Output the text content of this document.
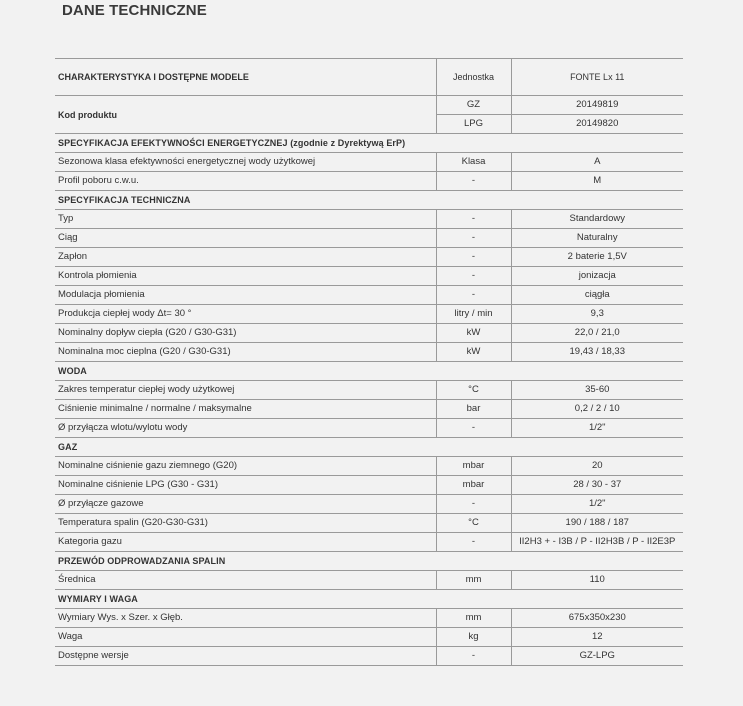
DANE TECHNICZNE
CHARAKTERYSTYKA I DOSTĘPNE MODELE	Jednostka	FONTE Lx 11
Kod produktu	GZ	20149819
	LPG	20149820
SPECYFIKACJA EFEKTYWNOŚCI ENERGETYCZNEJ (zgodnie z Dyrektywą ErP)		
Sezonowa klasa efektywności energetycznej wody użytkowej	Klasa	A
Profil poboru c.w.u.	-	M
SPECYFIKACJA TECHNICZNA		
Typ	-	Standardowy
Ciąg	-	Naturalny
Zapłon	-	2 baterie 1,5V
Kontrola płomienia	-	jonizacja
Modulacja płomienia	-	ciągła
Produkcja ciepłej wody Δt= 30 °	litry / min	9,3
Nominalny dopływ ciepła (G20 / G30-G31)	kW	22,0 / 21,0
Nominalna moc cieplna (G20 / G30-G31)	kW	19,43 / 18,33
WODA		
Zakres temperatur ciepłej wody użytkowej	°C	35-60
Ciśnienie minimalne / normalne / maksymalne	bar	0,2 / 2 / 10
Ø przyłącza wlotu/wylotu wody	-	1/2"
GAZ		
Nominalne ciśnienie gazu ziemnego (G20)	mbar	20
Nominalne ciśnienie LPG (G30 - G31)	mbar	28 / 30 - 37
Ø przyłącze gazowe	-	1/2"
Temperatura spalin (G20-G30-G31)	°C	190 / 188 / 187
Kategoria gazu	-	II2H3 + - I3B / P - II2H3B / P - II2E3P
PRZEWÓD ODPROWADZANIA SPALIN		
Średnica	mm	110
WYMIARY I WAGA		
Wymiary Wys. x Szer. x Głęb.	mm	675x350x230
Waga	kg	12
Dostępne wersje	-	GZ-LPG
